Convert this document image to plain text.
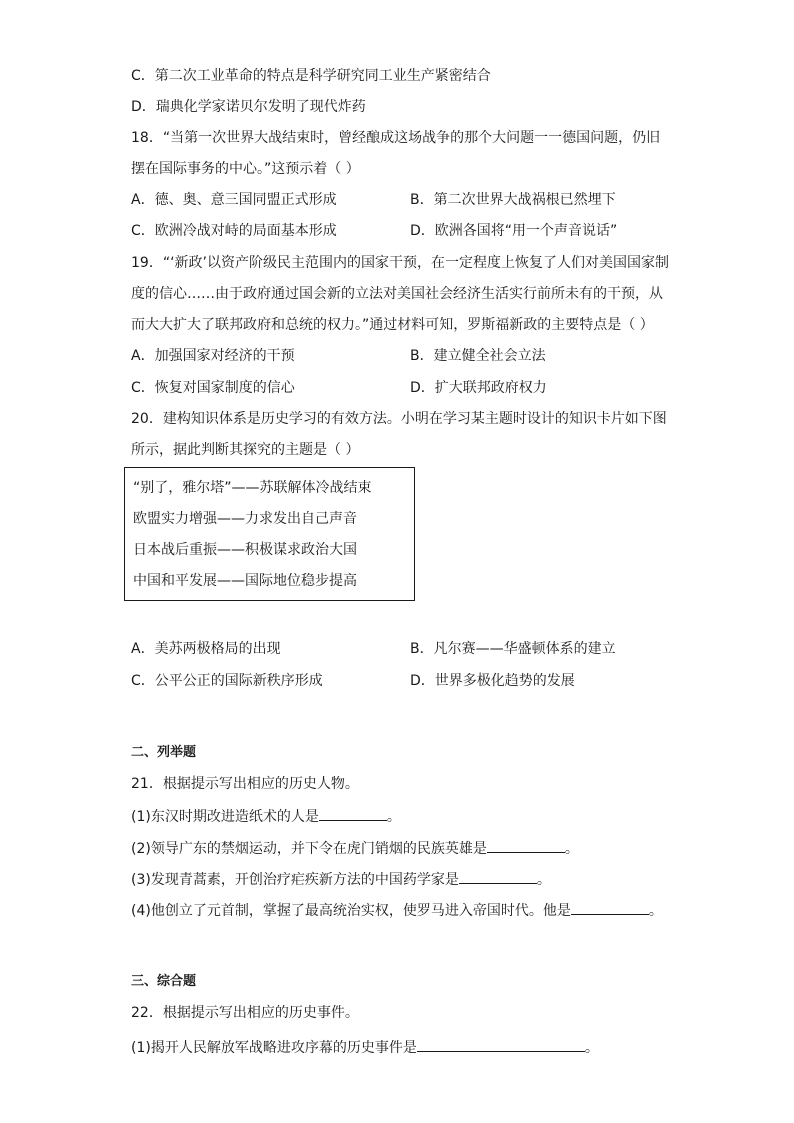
C．第二次工业革命的特点是科学研究同工业生产紧密结合
D．瑞典化学家诺贝尔发明了现代炸药
18．“当第一次世界大战结束时，曾经酿成这场战争的那个大问题一一德国问题，仍旧
摆在国际事务的中心。”这预示着（ ）
A．德、奥、意三国同盟正式形成	B．第二次世界大战祸根已然埋下
C．欧洲冷战对峙的局面基本形成	D．欧洲各国将“用一个声音说话”
19．“‘新政’以资产阶级民主范围内的国家干预，在一定程度上恢复了人们对美国国家制
度的信心……由于政府通过国会新的立法对美国社会经济生活实行前所未有的干预，从
而大大扩大了联邦政府和总统的权力。”通过材料可知，罗斯福新政的主要特点是（ ）
A．加强国家对经济的干预	B．建立健全社会立法
C．恢复对国家制度的信心	D．扩大联邦政府权力
20．建构知识体系是历史学习的有效方法。小明在学习某主题时设计的知识卡片如下图
所示，据此判断其探究的主题是（ ）
“别了，雅尔塔”——苏联解体冷战结束
欧盟实力增强——力求发出自己声音
日本战后重振——积极谋求政治大国
中国和平发展——国际地位稳步提高
A．美苏两极格局的出现	B．凡尔赛——华盛顿体系的建立
C．公平公正的国际新秩序形成	D．世界多极化趋势的发展
二、列举题
21．根据提示写出相应的历史人物。
(1)东汉时期改进造纸术的人是	。
(2)领导广东的禁烟运动，并下令在虎门销烟的民族英雄是	。
(3)发现青蒿素，开创治疗疟疾新方法的中国药学家是	。
(4)他创立了元首制，掌握了最高统治实权，使罗马进入帝国时代。他是	。
三、综合题
22．根据提示写出相应的历史事件。
(1)揭开人民解放军战略进攻序幕的历史事件是	。
